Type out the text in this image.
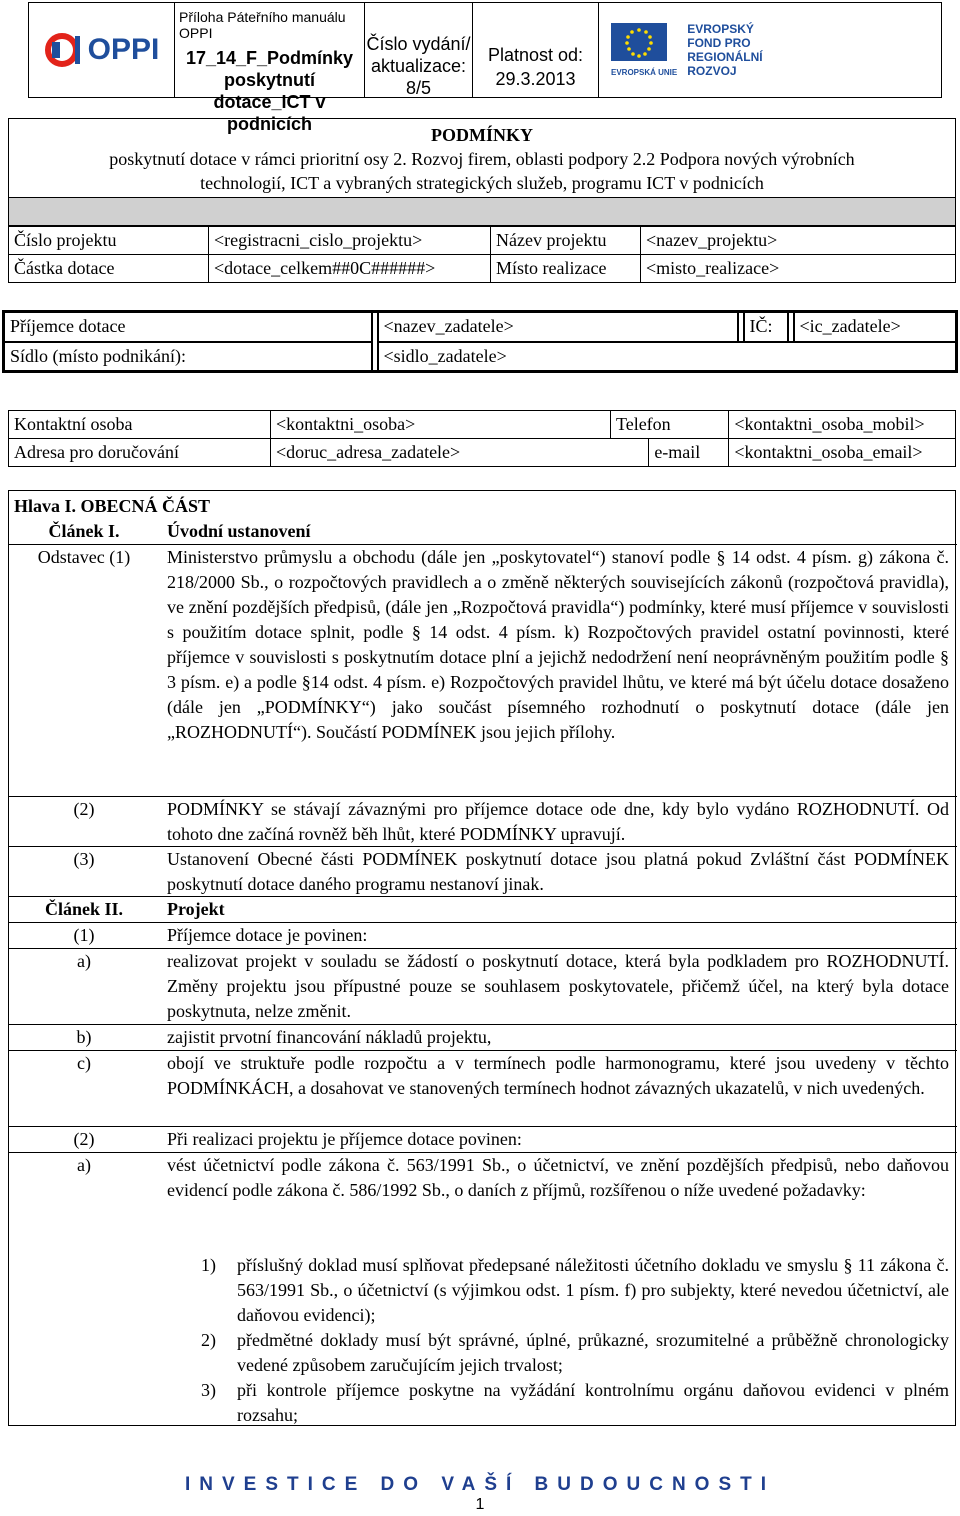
OPPI
Příloha Páteřního manuálu OPPI
17_14_F_Podmínky poskytnutí dotace_ICT v podnicích
Číslo vydání/ aktualizace:
8/5
Platnost od:
29.3.2013	EVROPSKÁ UNIE
EVROPSKÝ FOND PRO REGIONÁLNÍ ROZVOJ
PODMÍNKY
poskytnutí dotace v rámci prioritní osy 2. Rozvoj firem, oblasti podpory 2.2 Podpora nových výrobních
technologií, ICT a vybraných strategických služeb, programu ICT v podnicích
Číslo projektu	<registracni_cislo_projektu>	Název projektu	<nazev_projektu>
Částka dotace	<dotace_celkem##0C######>	Místo realizace	<misto_realizace>
Příjemce dotace		<nazev_zadatele>		IČ:		<ic_zadatele>
Sídlo (místo podnikání):		<sidlo_zadatele>				
Kontaktní osoba	<kontaktni_osoba>	Telefon		<kontaktni_osoba_mobil>
Adresa pro doručování	<doruc_adresa_zadatele>		e-mail	<kontaktni_osoba_email>
Hlava I. OBECNÁ ČÁST
Článek I.	Úvodní ustanovení
Odstavec (1)	Ministerstvo průmyslu a obchodu (dále jen „poskytovatel“) stanoví podle § 14 odst. 4 písm. g) zákona č. 218/2000 Sb., o rozpočtových pravidlech a o změně některých souvisejících zákonů (rozpočtová pravidla), ve znění pozdějších předpisů, (dále jen „Rozpočtová pravidla“) podmínky, které musí příjemce v souvislosti s použitím dotace splnit, podle § 14 odst. 4 písm. k) Rozpočtových pravidel ostatní povinnosti, které příjemce v souvislosti s poskytnutím dotace plní a jejichž nedodržení není neoprávněným použitím podle § 3 písm. e) a podle §14 odst. 4 písm. e) Rozpočtových pravidel lhůtu, ve které má být účelu dotace dosaženo (dále jen „PODMÍNKY“) jako součást písemného rozhodnutí o poskytnutí dotace (dále jen „ROZHODNUTÍ“). Součástí PODMÍNEK jsou jejich přílohy.
(2)	PODMÍNKY se stávají závaznými pro příjemce dotace ode dne, kdy bylo vydáno ROZHODNUTÍ. Od tohoto dne začíná rovněž běh lhůt, které PODMÍNKY upravují.
(3)	Ustanovení Obecné části PODMÍNEK poskytnutí dotace jsou platná pokud Zvláštní část PODMÍNEK poskytnutí dotace daného programu nestanoví jinak.
Článek II.	Projekt
(1)	Příjemce dotace je povinen:
a)	realizovat projekt v souladu se žádostí o poskytnutí dotace, která byla podkladem pro ROZHODNUTÍ. Změny projektu jsou přípustné pouze se souhlasem poskytovatele, přičemž účel, na který byla dotace poskytnuta, nelze změnit.
b)	zajistit prvotní financování nákladů projektu,
c)	obojí ve struktuře podle rozpočtu a v termínech podle harmonogramu, které jsou uvedeny v těchto PODMÍNKÁCH, a dosahovat ve stanovených termínech hodnot závazných ukazatelů, v nich uvedených.
(2)	Při realizaci projektu je příjemce dotace povinen:
a)	vést účetnictví podle zákona č. 563/1991 Sb., o účetnictví, ve znění pozdějších předpisů, nebo daňovou evidencí podle zákona č. 586/1992 Sb., o daních z příjmů, rozšířenou o níže uvedené požadavky:
1)	příslušný doklad musí splňovat předepsané náležitosti účetního dokladu ve smyslu § 11 zákona č. 563/1991 Sb., o účetnictví (s výjimkou odst. 1 písm. f) pro subjekty, které nevedou účetnictví, ale daňovou evidenci);
2)	předmětné doklady musí být správné, úplné, průkazné, srozumitelné a průběžně chronologicky vedené způsobem zaručujícím jejich trvalost;
3)	při kontrole příjemce poskytne na vyžádání kontrolnímu orgánu daňovou evidenci v plném rozsahu;
INVESTICE DO VAŠÍ BUDOUCNOSTI
1
